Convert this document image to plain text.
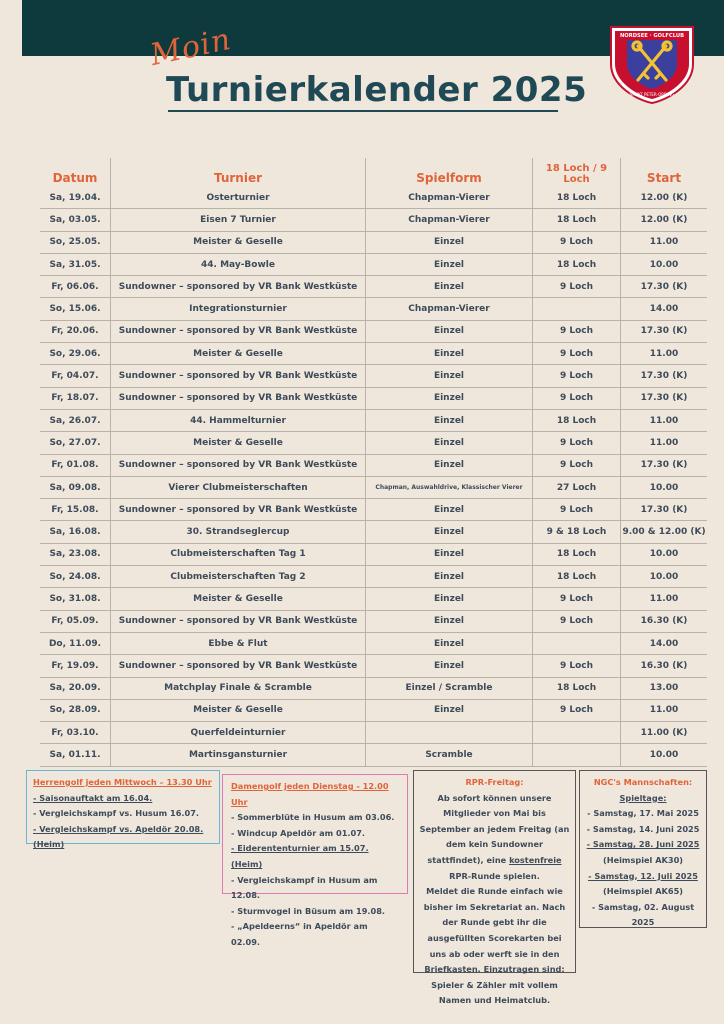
Moin
Turnierkalender 2025
NORDSEE · GOLFCLUB
SANKT PETER-ORDING
Datum	Turnier	Spielform	18 Loch / 9 Loch	Start
Sa, 19.04.	Osterturnier	Chapman-Vierer	18 Loch	12.00 (K)
Sa, 03.05.	Eisen 7 Turnier	Chapman-Vierer	18 Loch	12.00 (K)
So, 25.05.	Meister & Geselle	Einzel	9 Loch	11.00
Sa, 31.05.	44. May-Bowle	Einzel	18 Loch	10.00
Fr, 06.06.	Sundowner – sponsored by VR Bank Westküste	Einzel	9 Loch	17.30 (K)
So, 15.06.	Integrationsturnier	Chapman-Vierer		14.00
Fr, 20.06.	Sundowner – sponsored by VR Bank Westküste	Einzel	9 Loch	17.30 (K)
So, 29.06.	Meister & Geselle	Einzel	9 Loch	11.00
Fr, 04.07.	Sundowner – sponsored by VR Bank Westküste	Einzel	9 Loch	17.30 (K)
Fr, 18.07.	Sundowner – sponsored by VR Bank Westküste	Einzel	9 Loch	17.30 (K)
Sa, 26.07.	44. Hammelturnier	Einzel	18 Loch	11.00
So, 27.07.	Meister & Geselle	Einzel	9 Loch	11.00
Fr, 01.08.	Sundowner – sponsored by VR Bank Westküste	Einzel	9 Loch	17.30 (K)
Sa, 09.08.	Vierer Clubmeisterschaften	Chapman, Auswahldrive, Klassischer Vierer	27 Loch	10.00
Fr, 15.08.	Sundowner – sponsored by VR Bank Westküste	Einzel	9 Loch	17.30 (K)
Sa, 16.08.	30. Strandseglercup	Einzel	9 & 18 Loch	9.00 & 12.00 (K)
Sa, 23.08.	Clubmeisterschaften Tag 1	Einzel	18 Loch	10.00
So, 24.08.	Clubmeisterschaften Tag 2	Einzel	18 Loch	10.00
So, 31.08.	Meister & Geselle	Einzel	9 Loch	11.00
Fr, 05.09.	Sundowner – sponsored by VR Bank Westküste	Einzel	9 Loch	16.30 (K)
Do, 11.09.	Ebbe & Flut	Einzel		14.00
Fr, 19.09.	Sundowner – sponsored by VR Bank Westküste	Einzel	9 Loch	16.30 (K)
Sa, 20.09.	Matchplay Finale & Scramble	Einzel / Scramble	18 Loch	13.00
So, 28.09.	Meister & Geselle	Einzel	9 Loch	11.00
Fr, 03.10.	Querfeldeinturnier			11.00 (K)
Sa, 01.11.	Martinsgansturnier	Scramble		10.00
Herrengolf jeden Mittwoch – 13.30 Uhr
- Saisonauftakt am 16.04.
- Vergleichskampf vs. Husum 16.07.
- Vergleichskampf vs. Apeldör 20.08. (Heim)
Damengolf jeden Dienstag - 12.00 Uhr
- Sommerblüte in Husum am 03.06.
- Windcup Apeldör am 01.07.
- Eiderententurnier am 15.07. (Heim)
- Vergleichskampf in Husum am 12.08.
- Sturmvogel in Büsum am 19.08.
- „Apeldeerns“ in Apeldör am 02.09.
RPR-Freitag:
Ab sofort können unsere Mitglieder von Mai bis September an jedem Freitag (an dem kein Sundowner stattfindet), eine kostenfreie RPR-Runde spielen.
Meldet die Runde einfach wie bisher im Sekretariat an. Nach der Runde gebt ihr die ausgefüllten Scorekarten bei uns ab oder werft sie in den Briefkasten. Einzutragen sind: Spieler & Zähler mit vollem Namen und Heimatclub.
NGC's Mannschaften:
Spieltage:
- Samstag, 17. Mai 2025
- Samstag, 14. Juni 2025
- Samstag, 28. Juni 2025
(Heimspiel AK30)
- Samstag, 12. Juli 2025
(Heimspiel AK65)
- Samstag, 02. August 2025
